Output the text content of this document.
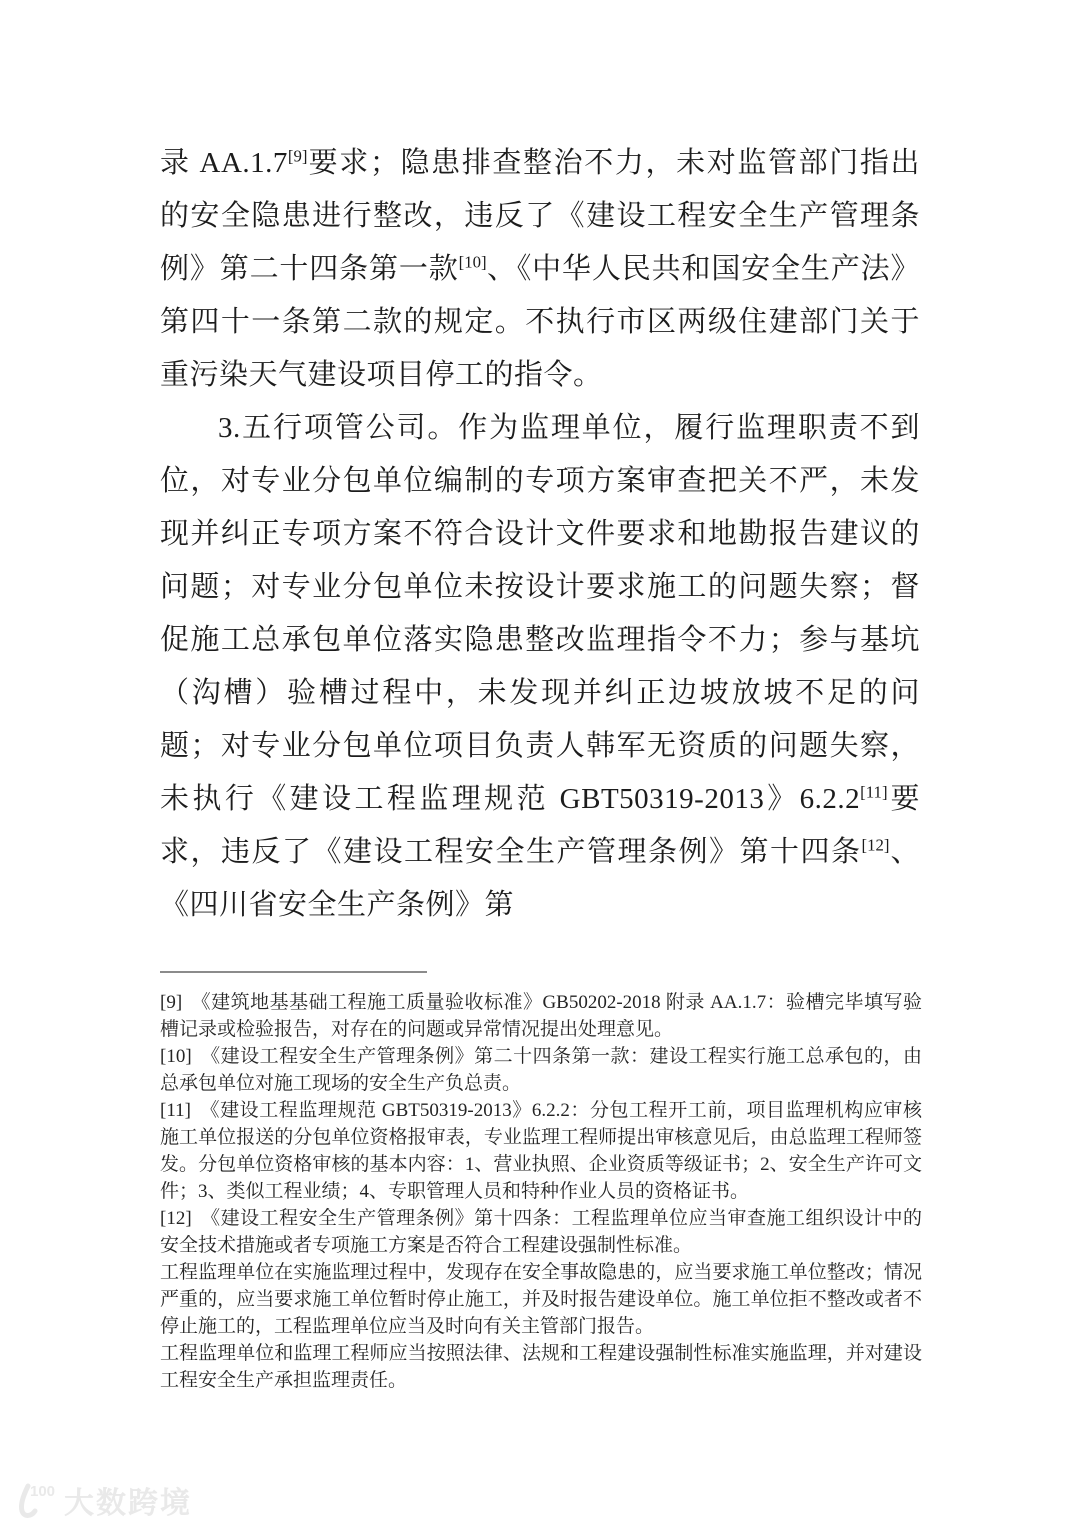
录 AA.1.7[9]要求；隐患排查整治不力，未对监管部门指出的安全隐患进行整改，违反了《建设工程安全生产管理条例》第二十四条第一款[10]、《中华人民共和国安全生产法》第四十一条第二款的规定。不执行市区两级住建部门关于重污染天气建设项目停工的指令。

3.五行项管公司。作为监理单位，履行监理职责不到位，对专业分包单位编制的专项方案审查把关不严，未发现并纠正专项方案不符合设计文件要求和地勘报告建议的问题；对专业分包单位未按设计要求施工的问题失察；督促施工总承包单位落实隐患整改监理指令不力；参与基坑（沟槽）验槽过程中，未发现并纠正边坡放坡不足的问题；对专业分包单位项目负责人韩军无资质的问题失察，未执行《建设工程监理规范 GBT50319-2013》6.2.2[11]要求，违反了《建设工程安全生产管理条例》第十四条[12]、《四川省安全生产条例》第

[9] 《建筑地基基础工程施工质量验收标准》GB50202-2018 附录 AA.1.7：验槽完毕填写验槽记录或检验报告，对存在的问题或异常情况提出处理意见。

[10] 《建设工程安全生产管理条例》第二十四条第一款：建设工程实行施工总承包的，由总承包单位对施工现场的安全生产负总责。

[11] 《建设工程监理规范 GBT50319-2013》6.2.2：分包工程开工前，项目监理机构应审核施工单位报送的分包单位资格报审表，专业监理工程师提出审核意见后，由总监理工程师签发。分包单位资格审核的基本内容：1、营业执照、企业资质等级证书；2、安全生产许可文件；3、类似工程业绩；4、专职管理人员和特种作业人员的资格证书。

[12] 《建设工程安全生产管理条例》第十四条：工程监理单位应当审查施工组织设计中的安全技术措施或者专项施工方案是否符合工程建设强制性标准。

工程监理单位在实施监理过程中，发现存在安全事故隐患的，应当要求施工单位整改；情况严重的，应当要求施工单位暂时停止施工，并及时报告建设单位。施工单位拒不整改或者不停止施工的，工程监理单位应当及时向有关主管部门报告。

工程监理单位和监理工程师应当按照法律、法规和工程建设强制性标准实施监理，并对建设工程安全生产承担监理责任。

100 大数跨境
